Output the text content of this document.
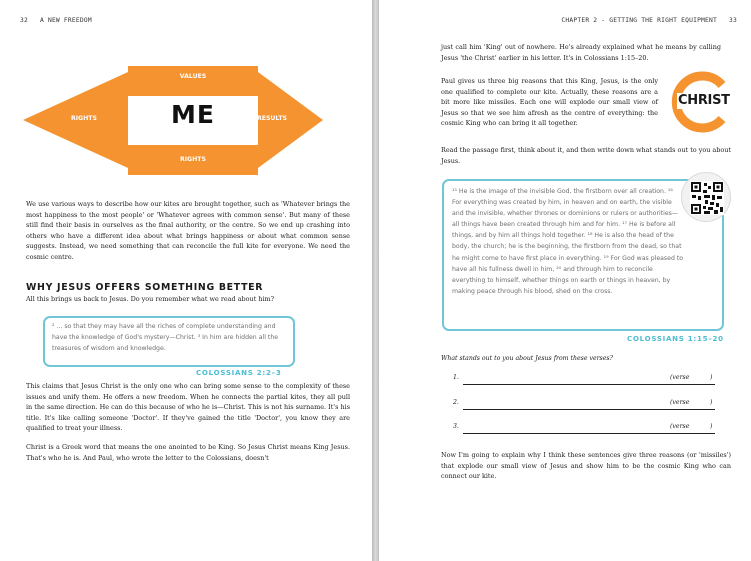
32 A NEW FREEDOM
VALUES
RIGHTS
RIGHTS	RESULTS
ME
We use various ways to describe how our kites are brought together, such as 'Whatever brings the most happiness to the most people' or 'Whatever agrees with common sense'. But many of these still find their basis in ourselves as the final authority, or the centre. So we end up crashing into others who have a different idea about what brings happiness or about what common sense suggests. Instead, we need something that can reconcile the full kite for everyone. We need the cosmic centre.
WHY JESUS OFFERS SOMETHING BETTER
All this brings us back to Jesus. Do you remember what we read about him?
² ... so that they may have all the riches of complete understanding and have the knowledge of God's mystery—Christ. ³ In him are hidden all the treasures of wisdom and knowledge.
COLOSSIANS 2:2–3

This claims that Jesus Christ is the only one who can bring some sense to the complexity of these issues and unify them. He offers a new freedom. When he connects the partial kites, they all pull in the same direction. He can do this because of who he is—Christ. This is not his surname. It's his title. It's like calling someone 'Doctor'. If they've gained the title 'Doctor', you know they are qualified to treat your illness.

Christ is a Greek word that means the one anointed to be King. So Jesus Christ means King Jesus. That's who he is. And Paul, who wrote the letter to the Colossians, doesn't

CHAPTER 2 - GETTING THE RIGHT EQUIPMENT 33
just call him 'King' out of nowhere. He's already explained what he means by calling Jesus 'the Christ' earlier in his letter. It's in Colossians 1:15–20.
Paul gives us three big reasons that this King, Jesus, is the only one qualified to complete our kite. Actually, these reasons are a bit more like missiles. Each one will explode our small view of Jesus so that we see him afresh as the centre of everything: the cosmic King who can bring it all together.
CHRIST
Read the passage first, think about it, and then write down what stands out to you about Jesus.
¹⁵ He is the image of the invisible God, the firstborn over all creation. ¹⁶ For everything was created by him, in heaven and on earth, the visible and the invisible, whether thrones or dominions or rulers or authorities—all things have been created through him and for him. ¹⁷ He is before all things, and by him all things hold together. ¹⁸ He is also the head of the body, the church; he is the beginning, the firstborn from the dead, so that he might come to have first place in everything. ¹⁹ For God was pleased to have all his fullness dwell in him, ²⁰ and through him to reconcile everything to himself, whether things on earth or things in heaven, by making peace through his blood, shed on the cross.
COLOSSIANS 1:15–20
What stands out to you about Jesus from these verses?
1.	(verse	)
2.	(verse	)
3.	(verse	)
Now I'm going to explain why I think these sentences give three reasons (or 'missiles') that explode our small view of Jesus and show him to be the cosmic King who can connect our kite.
